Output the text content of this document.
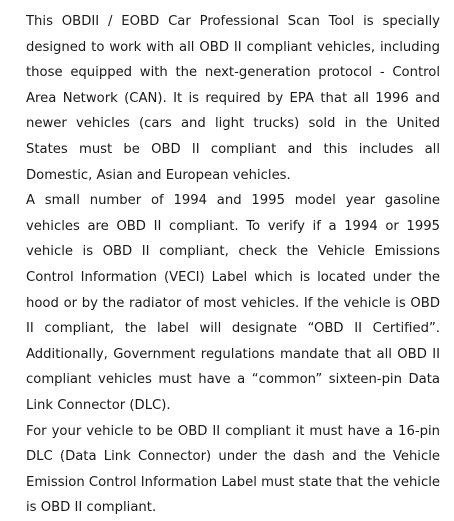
This OBDII / EOBD Car Professional Scan Tool is specially designed to work with all OBD II compliant vehicles, including those equipped with the next-generation protocol - Control Area Network (CAN). It is required by EPA that all 1996 and newer vehicles (cars and light trucks) sold in the United States must be OBD II compliant and this includes all Domestic, Asian and European vehicles.

A small number of 1994 and 1995 model year gasoline vehicles are OBD II compliant. To verify if a 1994 or 1995 vehicle is OBD II compliant, check the Vehicle Emissions Control Information (VECI) Label which is located under the hood or by the radiator of most vehicles. If the vehicle is OBD II compliant, the label will designate “OBD II Certified”. Additionally, Government regulations mandate that all OBD II compliant vehicles must have a “common” sixteen-pin Data Link Connector (DLC).

For your vehicle to be OBD II compliant it must have a 16-pin DLC (Data Link Connector) under the dash and the Vehicle Emission Control Information Label must state that the vehicle is OBD II compliant.
